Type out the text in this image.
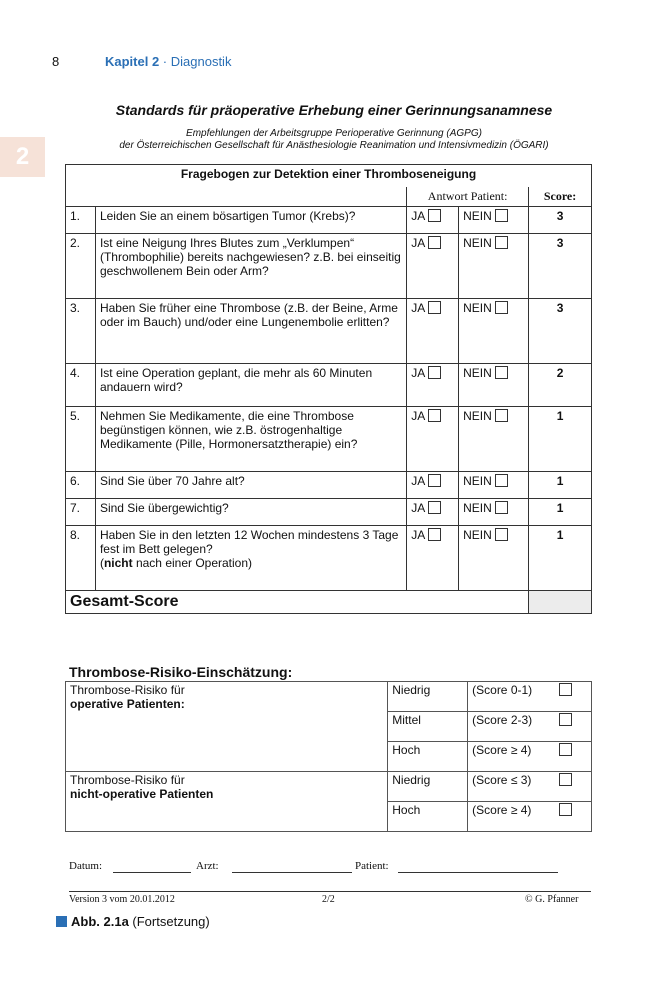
8	Kapitel 2 · Diagnostik
2
Standards für präoperative Erhebung einer Gerinnungsanamnese
Empfehlungen der Arbeitsgruppe Perioperative Gerinnung (AGPG)
der Österreichischen Gesellschaft für Anästhesiologie Reanimation und Intensivmedizin (ÖGARI)
Fragebogen zur Detektion einer Thromboseneigung				
		Antwort Patient:		Score:
1.	Leiden Sie an einem bösartigen Tumor (Krebs)?	JA	NEIN	3
2.	Ist eine Neigung Ihres Blutes zum „Verklumpen“ (Thrombophilie) bereits nachgewiesen? z.B. bei einseitig geschwollenem Bein oder Arm?	JA	NEIN	3
3.	Haben Sie früher eine Thrombose (z.B. der Beine, Arme oder im Bauch) und/oder eine Lungenembolie erlitten?	JA	NEIN	3
4.	Ist eine Operation geplant, die mehr als 60 Minuten andauern wird?	JA	NEIN	2
5.	Nehmen Sie Medikamente, die eine Thrombose begünstigen können, wie z.B. östrogenhaltige Medikamente (Pille, Hormonersatztherapie) ein?	JA	NEIN	1
6.	Sind Sie über 70 Jahre alt?	JA	NEIN	1
7.	Sind Sie übergewichtig?	JA	NEIN	1
8.	Haben Sie in den letzten 12 Wochen mindestens 3 Tage fest im Bett gelegen?
(nicht nach einer Operation)	JA	NEIN	1
Gesamt-Score				
Thrombose-Risiko-Einschätzung:
Thrombose-Risiko für
operative Patienten:	Niedrig	(Score 0-1)	
	Mittel	(Score 2-3)	
	Hoch	(Score ≥ 4)	
Thrombose-Risiko für
nicht-operative Patienten	Niedrig	(Score ≤ 3)	
	Hoch	(Score ≥ 4)	
Datum:	Arzt:	Patient:
Version 3 vom 20.01.2012	2/2	© G. Pfanner
Abb. 2.1a (Fortsetzung)
